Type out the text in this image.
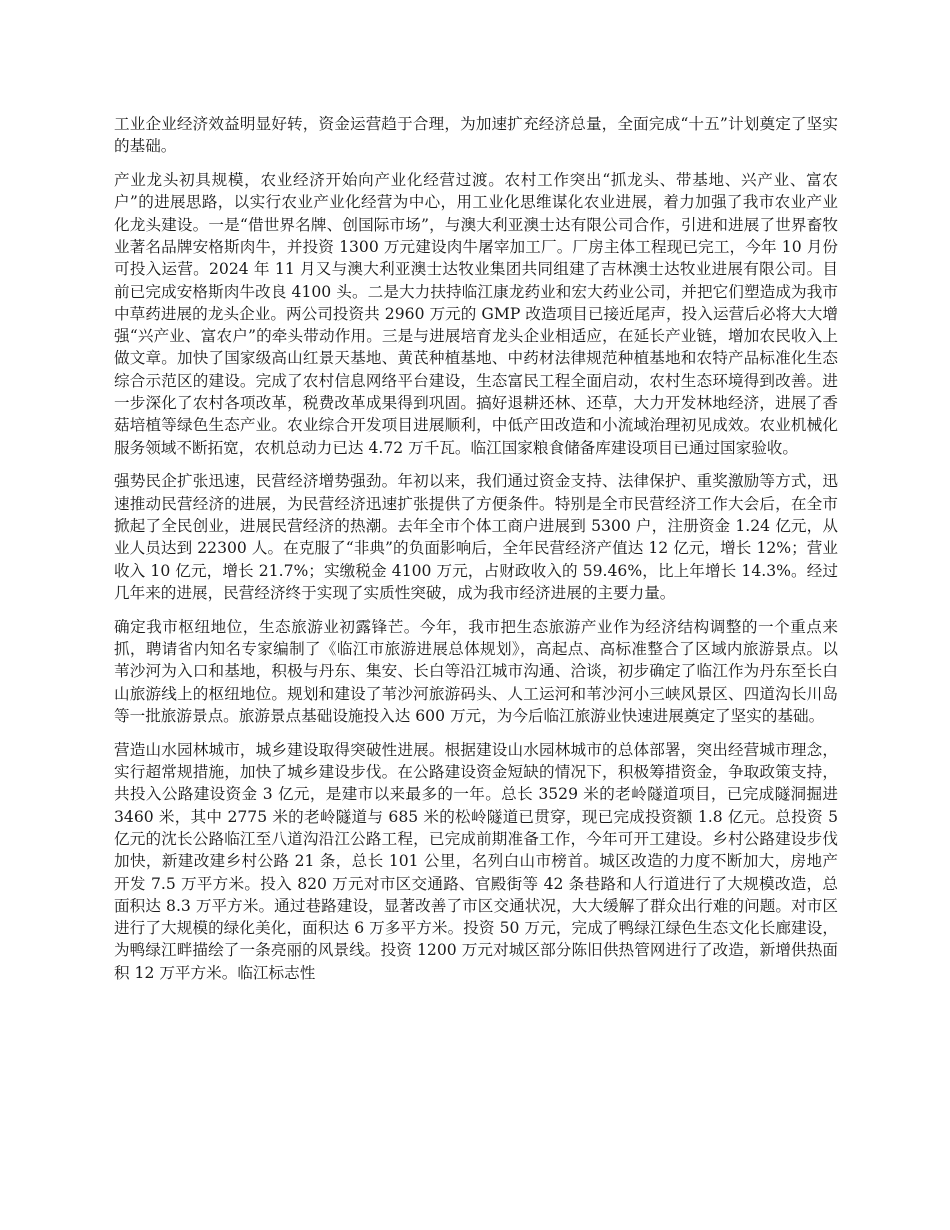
工业企业经济效益明显好转，资金运营趋于合理，为加速扩充经济总量，全面完成“十五”计划奠定了坚实的基础。

产业龙头初具规模，农业经济开始向产业化经营过渡。农村工作突出“抓龙头、带基地、兴产业、富农户”的进展思路，以实行农业产业化经营为中心，用工业化思维谋化农业进展，着力加强了我市农业产业化龙头建设。一是“借世界名牌、创国际市场”，与澳大利亚澳士达有限公司合作，引进和进展了世界畜牧业著名品牌安格斯肉牛，并投资 1300 万元建设肉牛屠宰加工厂。厂房主体工程现已完工，今年 10 月份可投入运营。2024 年 11 月又与澳大利亚澳士达牧业集团共同组建了吉林澳士达牧业进展有限公司。目前已完成安格斯肉牛改良 4100 头。二是大力扶持临江康龙药业和宏大药业公司，并把它们塑造成为我市中草药进展的龙头企业。两公司投资共 2960 万元的 GMP 改造项目已接近尾声，投入运营后必将大大增强“兴产业、富农户”的牵头带动作用。三是与进展培育龙头企业相适应，在延长产业链，增加农民收入上做文章。加快了国家级高山红景天基地、黄芪种植基地、中药材法律规范种植基地和农特产品标准化生态综合示范区的建设。完成了农村信息网络平台建设，生态富民工程全面启动，农村生态环境得到改善。进一步深化了农村各项改革，税费改革成果得到巩固。搞好退耕还林、还草，大力开发林地经济，进展了香菇培植等绿色生态产业。农业综合开发项目进展顺利，中低产田改造和小流域治理初见成效。农业机械化服务领域不断拓宽，农机总动力已达 4.72 万千瓦。临江国家粮食储备库建设项目已通过国家验收。

强势民企扩张迅速，民营经济增势强劲。年初以来，我们通过资金支持、法律保护、重奖激励等方式，迅速推动民营经济的进展，为民营经济迅速扩张提供了方便条件。特别是全市民营经济工作大会后，在全市掀起了全民创业，进展民营经济的热潮。去年全市个体工商户进展到 5300 户，注册资金 1.24 亿元，从业人员达到 22300 人。在克服了“非典”的负面影响后，全年民营经济产值达 12 亿元，增长 12%；营业收入 10 亿元，增长 21.7%；实缴税金 4100 万元，占财政收入的 59.46%，比上年增长 14.3%。经过几年来的进展，民营经济终于实现了实质性突破，成为我市经济进展的主要力量。

确定我市枢纽地位，生态旅游业初露锋芒。今年，我市把生态旅游产业作为经济结构调整的一个重点来抓，聘请省内知名专家编制了《临江市旅游进展总体规划》，高起点、高标准整合了区域内旅游景点。以苇沙河为入口和基地，积极与丹东、集安、长白等沿江城市沟通、洽谈，初步确定了临江作为丹东至长白山旅游线上的枢纽地位。规划和建设了苇沙河旅游码头、人工运河和苇沙河小三峡风景区、四道沟长川岛等一批旅游景点。旅游景点基础设施投入达 600 万元，为今后临江旅游业快速进展奠定了坚实的基础。

营造山水园林城市，城乡建设取得突破性进展。根据建设山水园林城市的总体部署，突出经营城市理念，实行超常规措施，加快了城乡建设步伐。在公路建设资金短缺的情况下，积极筹措资金，争取政策支持，共投入公路建设资金 3 亿元，是建市以来最多的一年。总长 3529 米的老岭隧道项目，已完成隧洞掘进 3460 米，其中 2775 米的老岭隧道与 685 米的松岭隧道已贯穿，现已完成投资额 1.8 亿元。总投资 5 亿元的沈长公路临江至八道沟沿江公路工程，已完成前期准备工作，今年可开工建设。乡村公路建设步伐加快，新建改建乡村公路 21 条，总长 101 公里，名列白山市榜首。城区改造的力度不断加大，房地产开发 7.5 万平方米。投入 820 万元对市区交通路、官殿街等 42 条巷路和人行道进行了大规模改造，总面积达 8.3 万平方米。通过巷路建设，显著改善了市区交通状况，大大缓解了群众出行难的问题。对市区进行了大规模的绿化美化，面积达 6 万多平方米。投资 50 万元，完成了鸭绿江绿色生态文化长廊建设，为鸭绿江畔描绘了一条亮丽的风景线。投资 1200 万元对城区部分陈旧供热管网进行了改造，新增供热面积 12 万平方米。临江标志性
